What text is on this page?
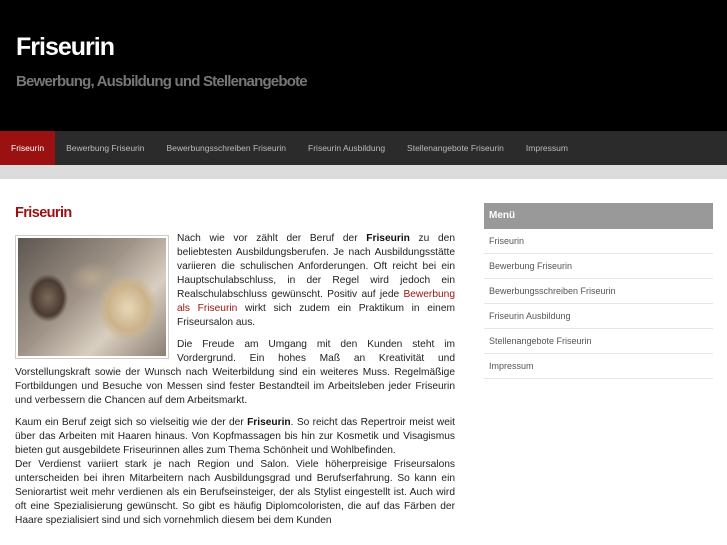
Friseurin
Bewerbung, Ausbildung und Stellenangebote
Friseurin	Bewerbung Friseurin	Bewerbungsschreiben Friseurin	Friseurin Ausbildung	Stellenangebote Friseurin	Impressum
Friseurin

Nach wie vor zählt der Beruf der Friseurin zu den beliebtesten Ausbildungsberufen. Je nach Ausbildungsstätte variieren die schulischen Anforderungen. Oft reicht bei ein Hauptschulabschluss, in der Regel wird jedoch ein Realschulabschluss gewünscht. Positiv auf jede Bewerbung als Friseurin wirkt sich zudem ein Praktikum in einem Friseursalon aus.

Die Freude am Umgang mit den Kunden steht im Vordergrund. Ein hohes Maß an Kreativität und Vorstellungskraft sowie der Wunsch nach Weiterbildung sind ein weiteres Muss. Regelmäßige Fortbildungen und Besuche von Messen sind fester Bestandteil im Arbeitsleben jeder Friseurin und verbessern die Chancen auf dem Arbeitsmarkt.

Kaum ein Beruf zeigt sich so vielseitig wie der der Friseurin. So reicht das Repertroir meist weit über das Arbeiten mit Haaren hinaus. Von Kopfmassagen bis hin zur Kosmetik und Visagismus bieten gut ausgebildete Friseurinnen alles zum Thema Schönheit und Wohlbefinden.

Der Verdienst variiert stark je nach Region und Salon. Viele höherpreisige Friseursalons unterscheiden bei ihren Mitarbeitern nach Ausbildungsgrad und Berufserfahrung. So kann ein Seniorartist weit mehr verdienen als ein Berufseinsteiger, der als Stylist eingestellt ist. Auch wird oft eine Spezialisierung gewünscht. So gibt es häufig Diplomcoloristen, die auf das Färben der Haare spezialisiert sind und sich vornehmlich diesem bei dem Kunden

Menü
Friseurin
Bewerbung Friseurin
Bewerbungsschreiben Friseurin
Friseurin Ausbildung
Stellenangebote Friseurin
Impressum
